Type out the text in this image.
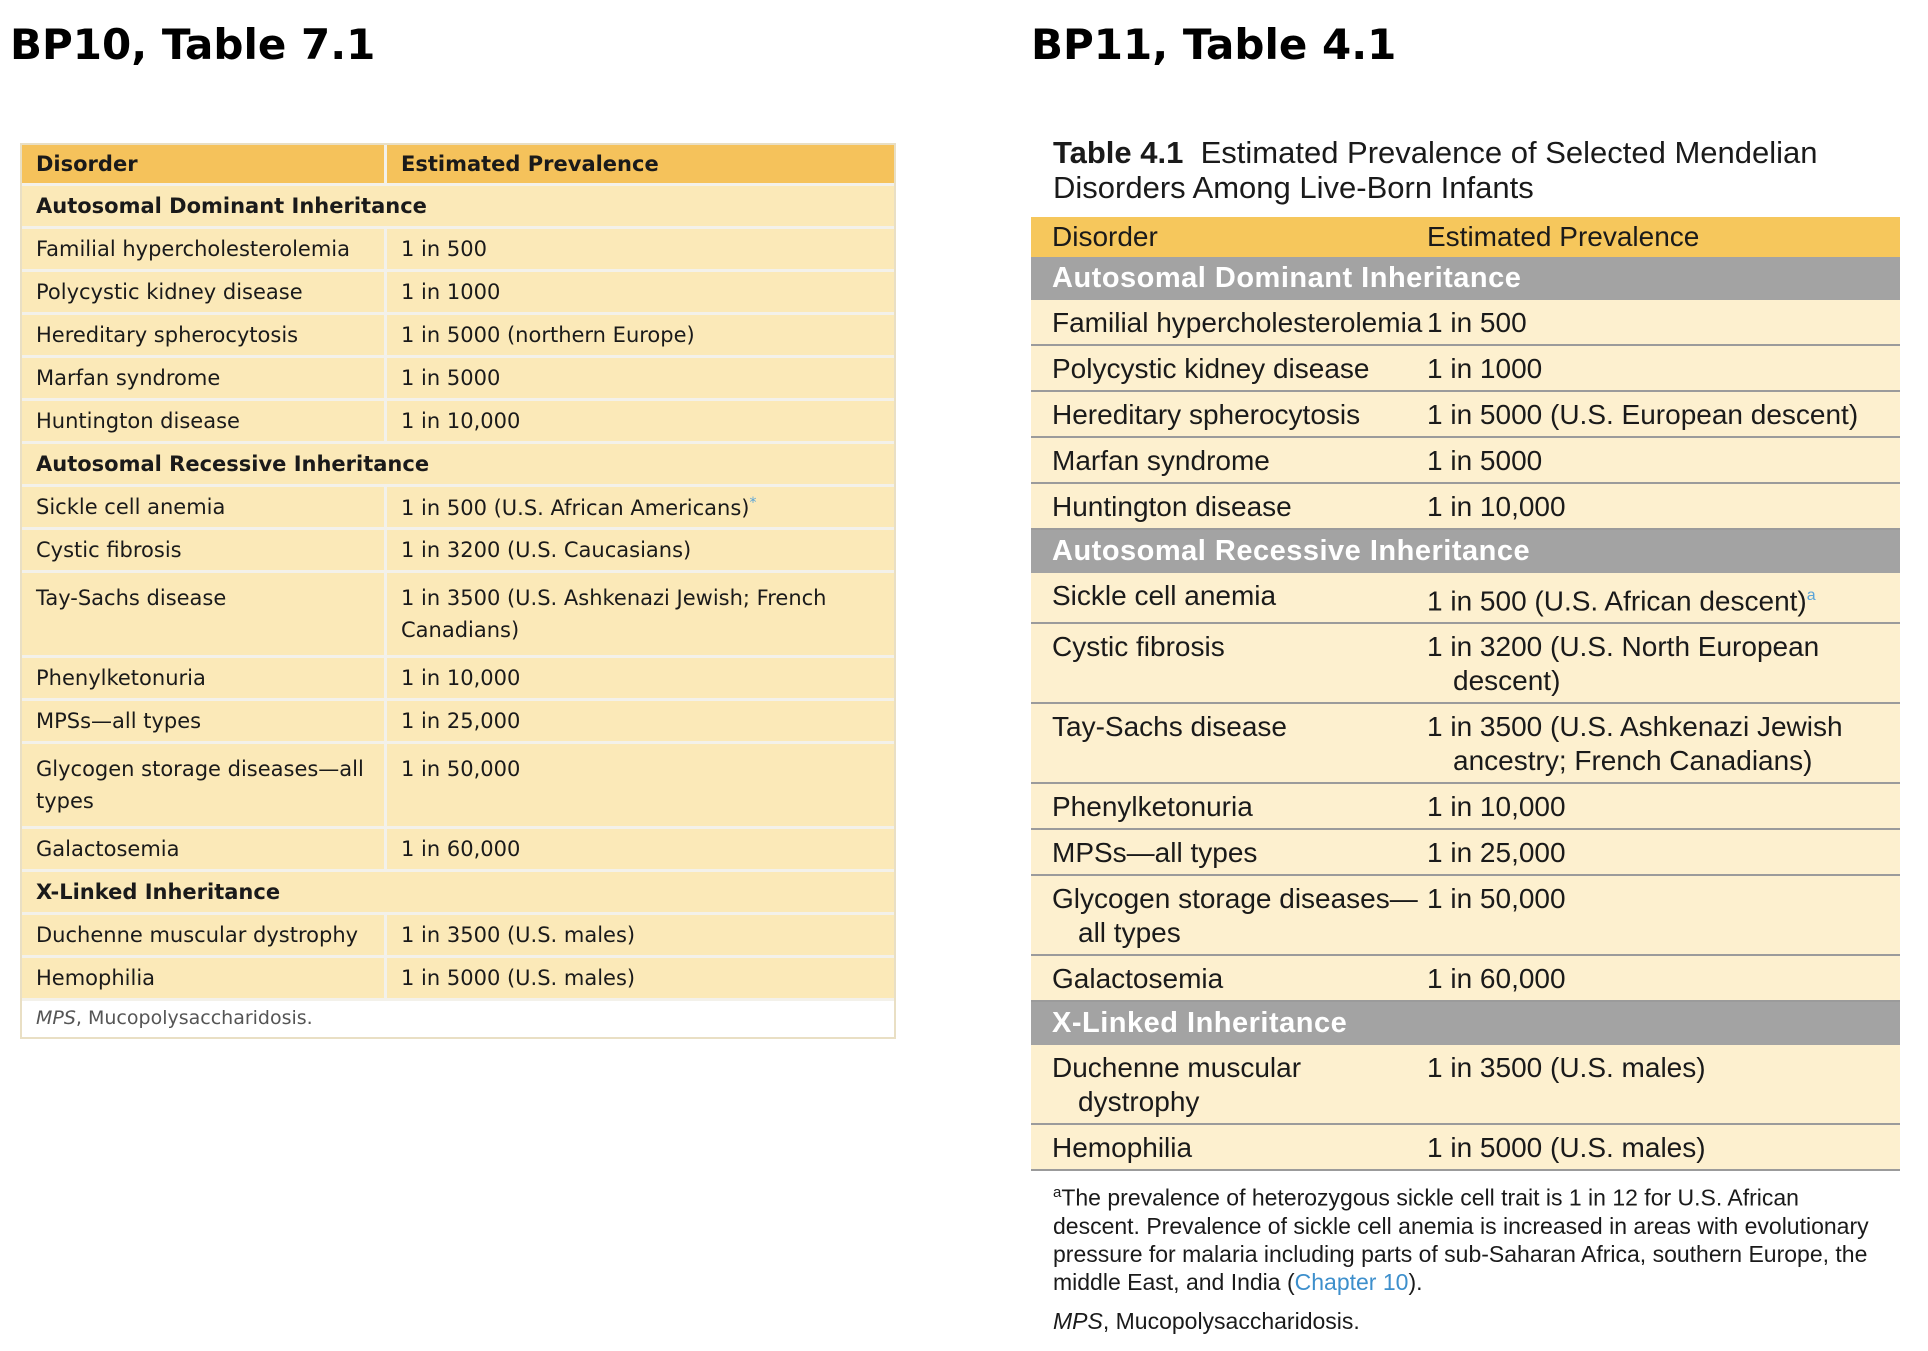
BP10, Table 7.1	BP11, Table 4.1
Disorder	Estimated Prevalence
Autosomal Dominant Inheritance	
Familial hypercholesterolemia	1 in 500
Polycystic kidney disease	1 in 1000
Hereditary spherocytosis	1 in 5000 (northern Europe)
Marfan syndrome	1 in 5000
Huntington disease	1 in 10,000
Autosomal Recessive Inheritance	
Sickle cell anemia	1 in 500 (U.S. African Americans)*
Cystic fibrosis	1 in 3200 (U.S. Caucasians)
Tay-Sachs disease	1 in 3500 (U.S. Ashkenazi Jewish; French Canadians)
Phenylketonuria	1 in 10,000
MPSs—all types	1 in 25,000
Glycogen storage diseases—all types	1 in 50,000
Galactosemia	1 in 60,000
X-Linked Inheritance	
Duchenne muscular dystrophy	1 in 3500 (U.S. males)
Hemophilia	1 in 5000 (U.S. males)
MPS, Mucopolysaccharidosis.
Table 4.1 Estimated Prevalence of Selected Mendelian Disorders Among Live-Born Infants
Disorder	Estimated Prevalence
Autosomal Dominant Inheritance	

Familial hypercholesterolemia	1 in 500

Polycystic kidney disease	1 in 1000

Hereditary spherocytosis	1 in 5000 (U.S. European descent)

Marfan syndrome	1 in 5000

Huntington disease	1 in 10,000

Autosomal Recessive Inheritance	

Sickle cell anemia	1 in 500 (U.S. African descent)$^a$

Cystic fibrosis	1 in 3200 (U.S. North European descent)

Tay-Sachs disease	1 in 3500 (U.S. Ashkenazi Jewish ancestry; French Canadians)

Phenylketonuria	1 in 10,000

MPSs—all types	1 in 25,000

Glycogen storage diseases—all types	1 in 50,000

Galactosemia	1 in 60,000

X-Linked Inheritance	

Duchenne muscular dystrophy	1 in 3500 (U.S. males)

Hemophilia	1 in 5000 (U.S. males)
$^a$The prevalence of heterozygous sickle cell trait is 1 in 12 for U.S. African descent. Prevalence of sickle cell anemia is increased in areas with evolutionary pressure for malaria including parts of sub-Saharan Africa, southern Europe, the middle East, and India (Chapter 10).
MPS, Mucopolysaccharidosis.
